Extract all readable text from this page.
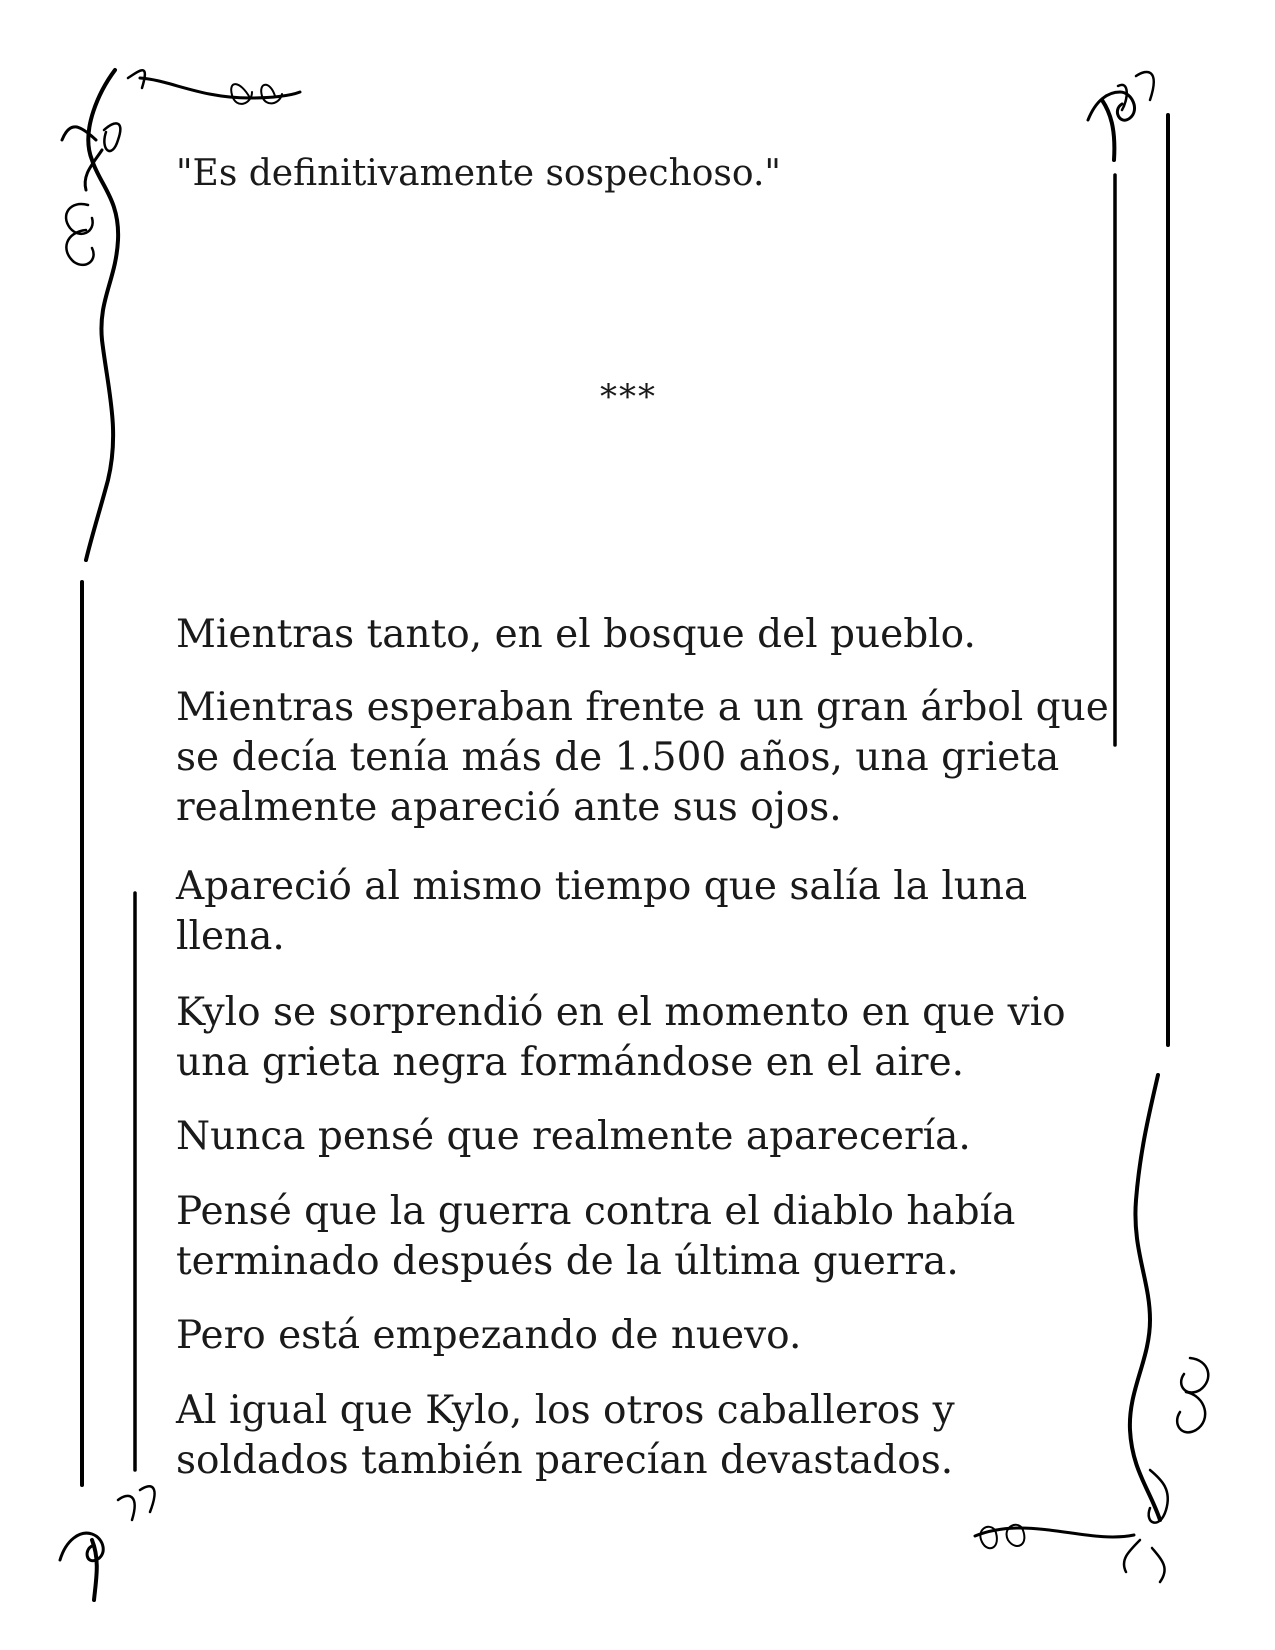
"Es definitivamente sospechoso."

***

Mientras tanto, en el bosque del pueblo.
Mientras esperaban frente a un gran árbol que
se decía tenía más de 1.500 años, una grieta
realmente apareció ante sus ojos.
Apareció al mismo tiempo que salía la luna
llena.
Kylo se sorprendió en el momento en que vio
una grieta negra formándose en el aire.
Nunca pensé que realmente aparecería.
Pensé que la guerra contra el diablo había
terminado después de la última guerra.
Pero está empezando de nuevo.
Al igual que Kylo, los otros caballeros y
soldados también parecían devastados.
